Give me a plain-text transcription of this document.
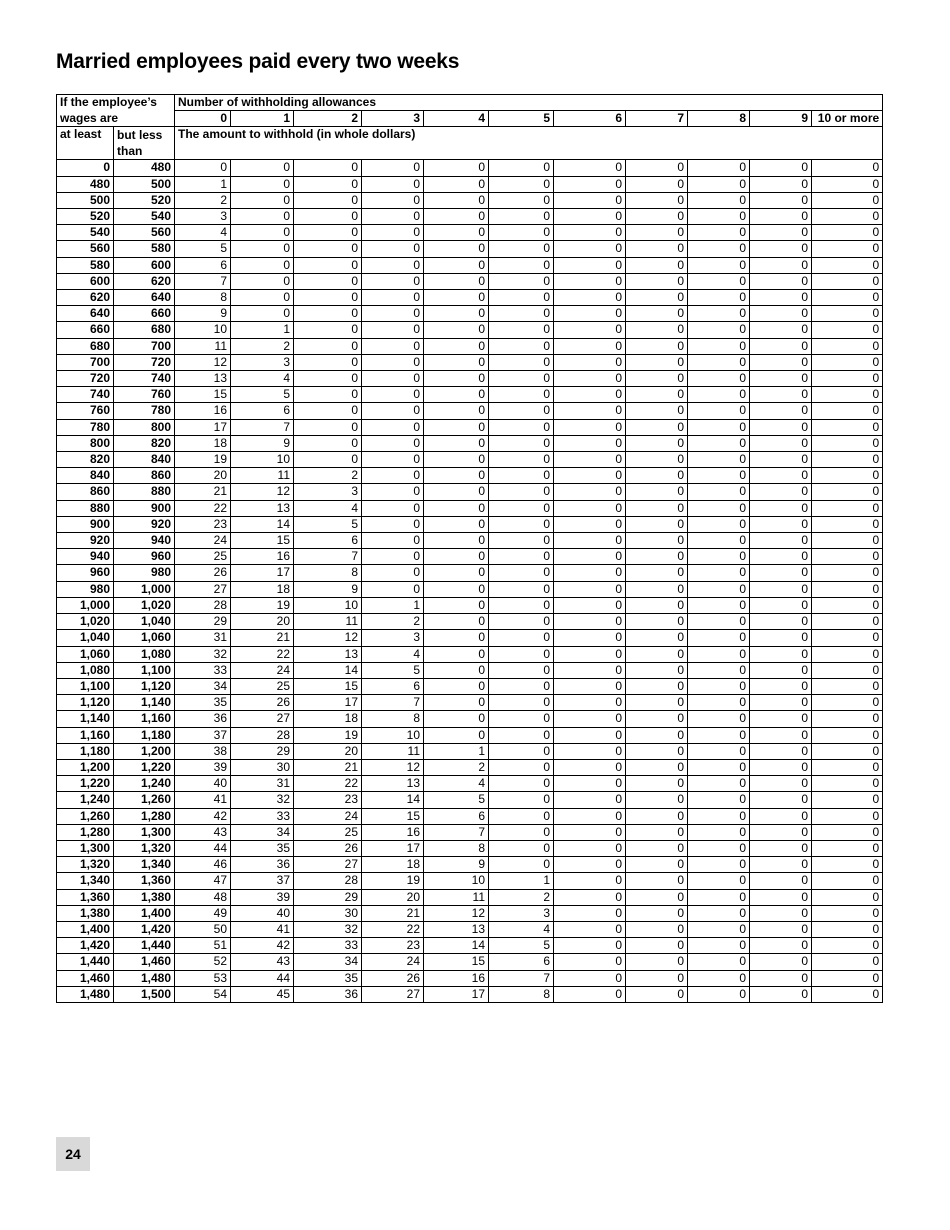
Married employees paid every two weeks
If the employee’s		Number of withholding allowances										
wages are		0	1	2	3	4	5	6	7	8	9	10 or more
at least	but less than	The amount to withhold (in whole dollars)										

0	480	0	0	0	0	0	0	0	0	0	0	0
480	500	1	0	0	0	0	0	0	0	0	0	0
500	520	2	0	0	0	0	0	0	0	0	0	0
520	540	3	0	0	0	0	0	0	0	0	0	0
540	560	4	0	0	0	0	0	0	0	0	0	0
560	580	5	0	0	0	0	0	0	0	0	0	0
580	600	6	0	0	0	0	0	0	0	0	0	0
600	620	7	0	0	0	0	0	0	0	0	0	0
620	640	8	0	0	0	0	0	0	0	0	0	0
640	660	9	0	0	0	0	0	0	0	0	0	0
660	680	10	1	0	0	0	0	0	0	0	0	0
680	700	11	2	0	0	0	0	0	0	0	0	0
700	720	12	3	0	0	0	0	0	0	0	0	0
720	740	13	4	0	0	0	0	0	0	0	0	0
740	760	15	5	0	0	0	0	0	0	0	0	0
760	780	16	6	0	0	0	0	0	0	0	0	0
780	800	17	7	0	0	0	0	0	0	0	0	0
800	820	18	9	0	0	0	0	0	0	0	0	0
820	840	19	10	0	0	0	0	0	0	0	0	0
840	860	20	11	2	0	0	0	0	0	0	0	0
860	880	21	12	3	0	0	0	0	0	0	0	0
880	900	22	13	4	0	0	0	0	0	0	0	0
900	920	23	14	5	0	0	0	0	0	0	0	0
920	940	24	15	6	0	0	0	0	0	0	0	0
940	960	25	16	7	0	0	0	0	0	0	0	0
960	980	26	17	8	0	0	0	0	0	0	0	0
980	1,000	27	18	9	0	0	0	0	0	0	0	0
1,000	1,020	28	19	10	1	0	0	0	0	0	0	0
1,020	1,040	29	20	11	2	0	0	0	0	0	0	0
1,040	1,060	31	21	12	3	0	0	0	0	0	0	0
1,060	1,080	32	22	13	4	0	0	0	0	0	0	0
1,080	1,100	33	24	14	5	0	0	0	0	0	0	0
1,100	1,120	34	25	15	6	0	0	0	0	0	0	0
1,120	1,140	35	26	17	7	0	0	0	0	0	0	0
1,140	1,160	36	27	18	8	0	0	0	0	0	0	0
1,160	1,180	37	28	19	10	0	0	0	0	0	0	0
1,180	1,200	38	29	20	11	1	0	0	0	0	0	0
1,200	1,220	39	30	21	12	2	0	0	0	0	0	0
1,220	1,240	40	31	22	13	4	0	0	0	0	0	0
1,240	1,260	41	32	23	14	5	0	0	0	0	0	0
1,260	1,280	42	33	24	15	6	0	0	0	0	0	0
1,280	1,300	43	34	25	16	7	0	0	0	0	0	0
1,300	1,320	44	35	26	17	8	0	0	0	0	0	0
1,320	1,340	46	36	27	18	9	0	0	0	0	0	0
1,340	1,360	47	37	28	19	10	1	0	0	0	0	0
1,360	1,380	48	39	29	20	11	2	0	0	0	0	0
1,380	1,400	49	40	30	21	12	3	0	0	0	0	0
1,400	1,420	50	41	32	22	13	4	0	0	0	0	0
1,420	1,440	51	42	33	23	14	5	0	0	0	0	0
1,440	1,460	52	43	34	24	15	6	0	0	0	0	0
1,460	1,480	53	44	35	26	16	7	0	0	0	0	0
1,480	1,500	54	45	36	27	17	8	0	0	0	0	0
24
